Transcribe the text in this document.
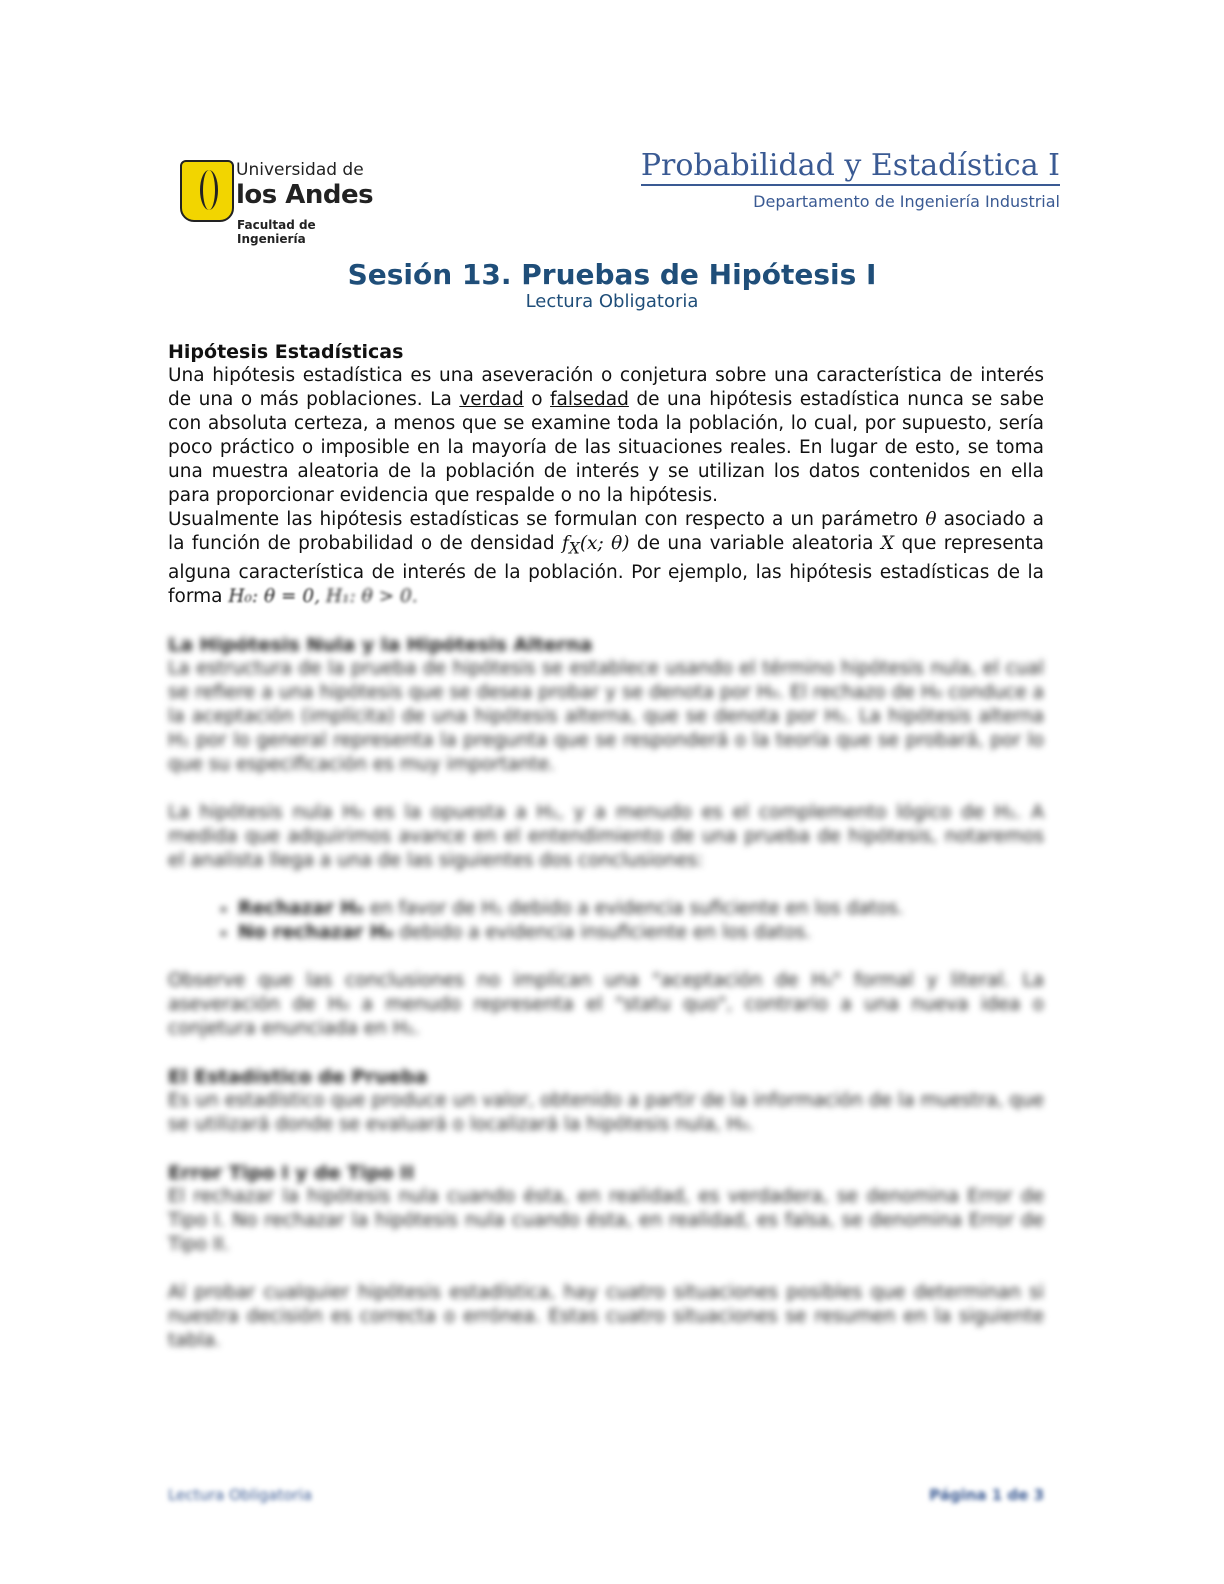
Universidad de
los Andes
Facultad de Ingeniería
Probabilidad y Estadística I
Departamento de Ingeniería Industrial
Sesión 13. Pruebas de Hipótesis I
Lectura Obligatoria
Hipótesis Estadísticas

Una hipótesis estadística es una aseveración o conjetura sobre una característica de interés de una o más poblaciones. La verdad o falsedad de una hipótesis estadística nunca se sabe con absoluta certeza, a menos que se examine toda la población, lo cual, por supuesto, sería poco práctico o imposible en la mayoría de las situaciones reales. En lugar de esto, se toma una muestra aleatoria de la población de interés y se utilizan los datos contenidos en ella para proporcionar evidencia que respalde o no la hipótesis.

Usualmente las hipótesis estadísticas se formulan con respecto a un parámetro θ asociado a la función de probabilidad o de densidad $f_X(x$; θ) de una variable aleatoria X que representa alguna característica de interés de la población. Por ejemplo, las hipótesis estadísticas de la forma H₀: θ = 0, H₁: θ > 0.

La Hipótesis Nula y la Hipótesis Alterna

La estructura de la prueba de hipótesis se establece usando el término hipótesis nula, el cual se refiere a una hipótesis que se desea probar y se denota por H₀. El rechazo de H₀ conduce a la aceptación (implícita) de una hipótesis alterna, que se denota por H₁. La hipótesis alterna H₁ por lo general representa la pregunta que se responderá o la teoría que se probará, por lo que su especificación es muy importante.

La hipótesis nula H₀ es la opuesta a H₁, y a menudo es el complemento lógico de H₁. A medida que adquirimos avance en el entendimiento de una prueba de hipótesis, notaremos el analista llega a una de las siguientes dos conclusiones:

• Rechazar H₀ en favor de H₁ debido a evidencia suficiente en los datos.
• No rechazar H₀ debido a evidencia insuficiente en los datos.

Observe que las conclusiones no implican una "aceptación de H₀" formal y literal. La aseveración de H₀ a menudo representa el "statu quo", contrario a una nueva idea o conjetura enunciada en H₁.

El Estadístico de Prueba

Es un estadístico que produce un valor, obtenido a partir de la información de la muestra, que se utilizará donde se evaluará o localizará la hipótesis nula, H₀.

Error Tipo I y de Tipo II

El rechazar la hipótesis nula cuando ésta, en realidad, es verdadera, se denomina Error de Tipo I. No rechazar la hipótesis nula cuando ésta, en realidad, es falsa, se denomina Error de Tipo II.

Al probar cualquier hipótesis estadística, hay cuatro situaciones posibles que determinan si nuestra decisión es correcta o errónea. Estas cuatro situaciones se resumen en la siguiente tabla.

Lectura Obligatoria	Página 1 de 3
